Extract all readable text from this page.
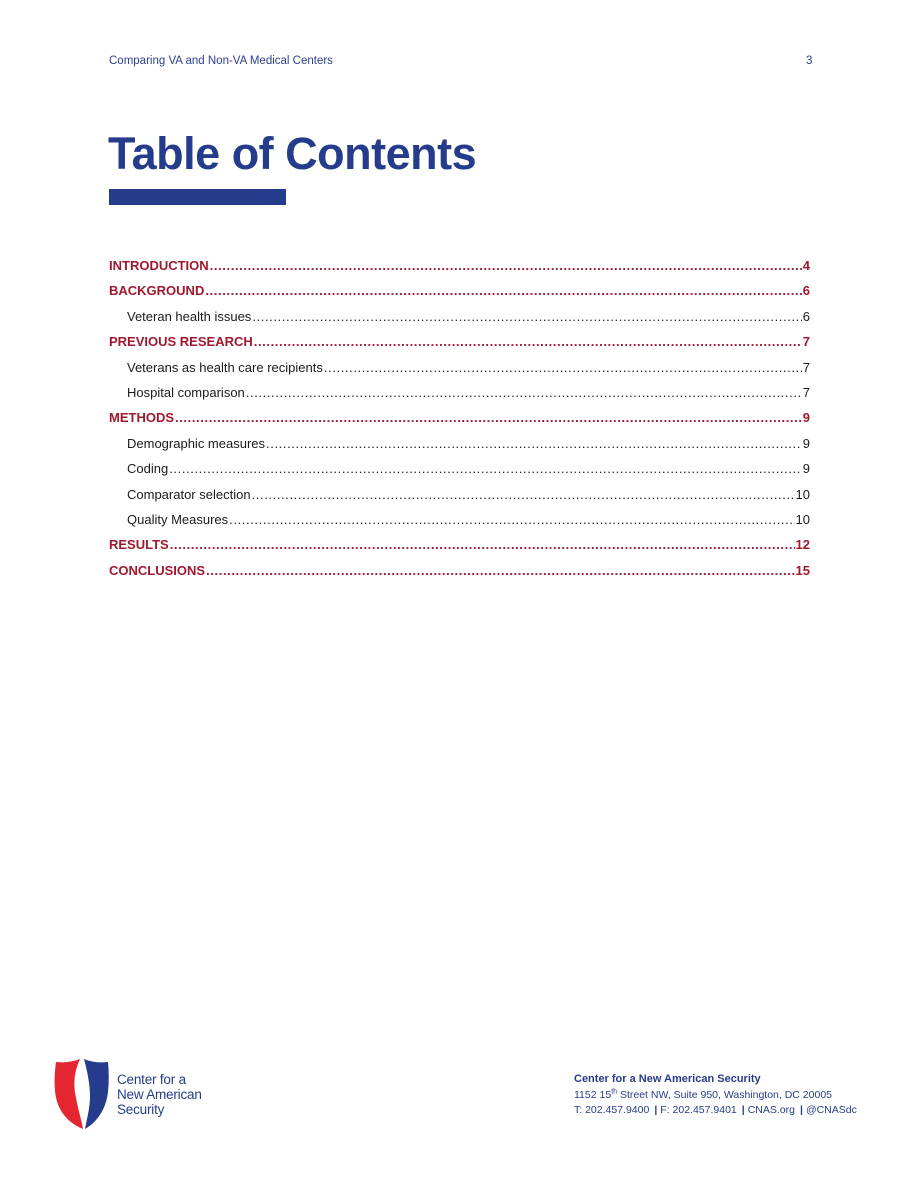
Comparing VA and Non-VA Medical Centers	3
Table of Contents
INTRODUCTION .....	4
BACKGROUND .....	6
Veteran health issues .....	6
PREVIOUS RESEARCH .....	7
Veterans as health care recipients .....	7
Hospital comparison .....	7
METHODS .....	9
Demographic measures .....	9
Coding .....	9
Comparator selection .....	10
Quality Measures .....	10
RESULTS .....	12
CONCLUSIONS .....	15
Center for a
New American
Security
Center for a New American Security
1152 15th Street NW, Suite 950, Washington, DC 20005
T: 202.457.9400 | F: 202.457.9401 | CNAS.org | @CNASdc
